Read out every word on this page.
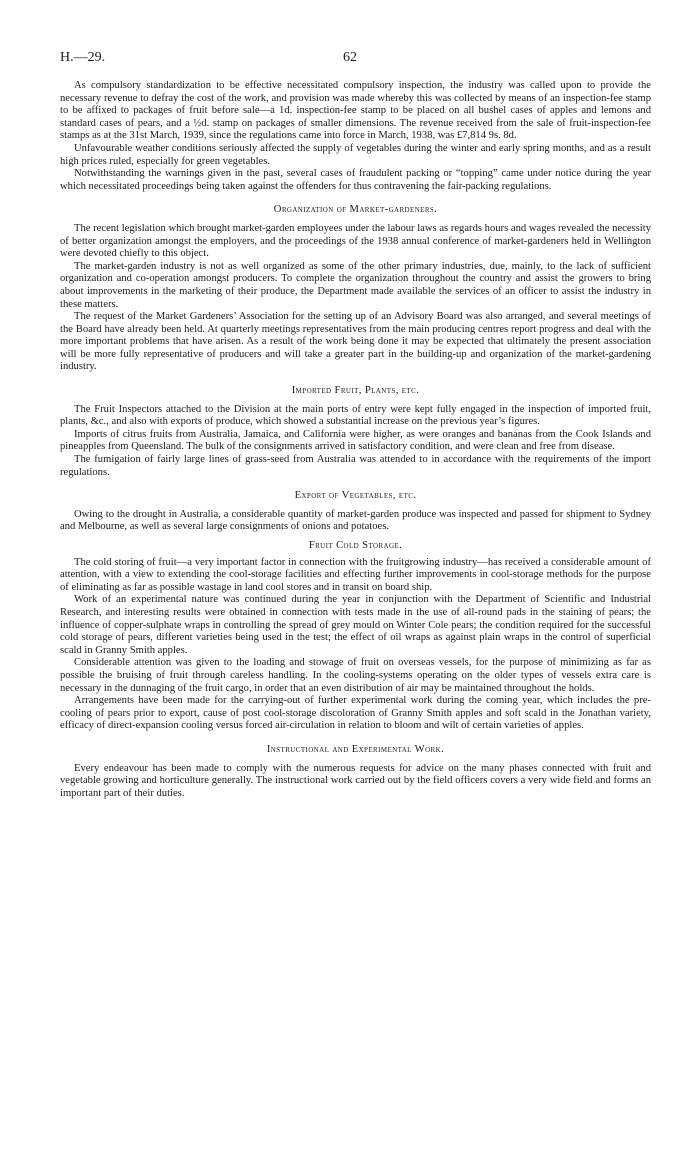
H.—29.	62

As compulsory standardization to be effective necessitated compulsory inspection, the industry was called upon to provide the necessary revenue to defray the cost of the work, and provision was made whereby this was collected by means of an inspection-fee stamp to be affixed to packages of fruit before sale—a 1d. inspection-fee stamp to be placed on all bushel cases of apples and lemons and standard cases of pears, and a ½d. stamp on packages of smaller dimensions. The revenue received from the sale of fruit-inspection-fee stamps as at the 31st March, 1939, since the regulations came into force in March, 1938, was £7,814 9s. 8d.

Unfavourable weather conditions seriously affected the supply of vegetables during the winter and early spring months, and as a result high prices ruled, especially for green vegetables.

Notwithstanding the warnings given in the past, several cases of fraudulent packing or “topping” came under notice during the year which necessitated proceedings being taken against the offenders for thus contravening the fair-packing regulations.

Organization of Market-gardeners.

The recent legislation which brought market-garden employees under the labour laws as regards hours and wages revealed the necessity of better organization amongst the employers, and the proceedings of the 1938 annual conference of market-gardeners held in Wellington were devoted chiefly to this object.

The market-garden industry is not as well organized as some of the other primary industries, due, mainly, to the lack of sufficient organization and co-operation amongst producers. To complete the organization throughout the country and assist the growers to bring about improvements in the marketing of their produce, the Department made available the services of an officer to assist the industry in these matters.

The request of the Market Gardeners’ Association for the setting up of an Advisory Board was also arranged, and several meetings of the Board have already been held. At quarterly meetings representatives from the main producing centres report progress and deal with the more important problems that have arisen. As a result of the work being done it may be expected that ultimately the present association will be more fully representative of producers and will take a greater part in the building-up and organization of the market-gardening industry.

Imported Fruit, Plants, etc.

The Fruit Inspectors attached to the Division at the main ports of entry were kept fully engaged in the inspection of imported fruit, plants, &c., and also with exports of produce, which showed a substantial increase on the previous year’s figures.

Imports of citrus fruits from Australia, Jamaica, and California were higher, as were oranges and bananas from the Cook Islands and pineapples from Queensland. The bulk of the consignments arrived in satisfactory condition, and were clean and free from disease.

The fumigation of fairly large lines of grass-seed from Australia was attended to in accordance with the requirements of the import regulations.

Export of Vegetables, etc.

Owing to the drought in Australia, a considerable quantity of market-garden produce was inspected and passed for shipment to Sydney and Melbourne, as well as several large consignments of onions and potatoes.

Fruit Cold Storage.

The cold storing of fruit—a very important factor in connection with the fruitgrowing industry—has received a considerable amount of attention, with a view to extending the cool-storage facilities and effecting further improvements in cool-storage methods for the purpose of eliminating as far as possible wastage in land cool stores and in transit on board ship.

Work of an experimental nature was continued during the year in conjunction with the Department of Scientific and Industrial Research, and interesting results were obtained in connection with tests made in the use of all-round pads in the staining of pears; the influence of copper-sulphate wraps in controlling the spread of grey mould on Winter Cole pears; the condition required for the successful cold storage of pears, different varieties being used in the test; the effect of oil wraps as against plain wraps in the control of superficial scald in Granny Smith apples.

Considerable attention was given to the loading and stowage of fruit on overseas vessels, for the purpose of minimizing as far as possible the bruising of fruit through careless handling. In the cooling-systems operating on the older types of vessels extra care is necessary in the dunnaging of the fruit cargo, in order that an even distribution of air may be maintained throughout the holds.

Arrangements have been made for the carrying-out of further experimental work during the coming year, which includes the pre-cooling of pears prior to export, cause of post cool-storage discoloration of Granny Smith apples and soft scald in the Jonathan variety, efficacy of direct-expansion cooling versus forced air-circulation in relation to bloom and wilt of certain varieties of apples.

Instructional and Experimental Work.

Every endeavour has been made to comply with the numerous requests for advice on the many phases connected with fruit and vegetable growing and horticulture generally. The instructional work carried out by the field officers covers a very wide field and forms an important part of their duties.
